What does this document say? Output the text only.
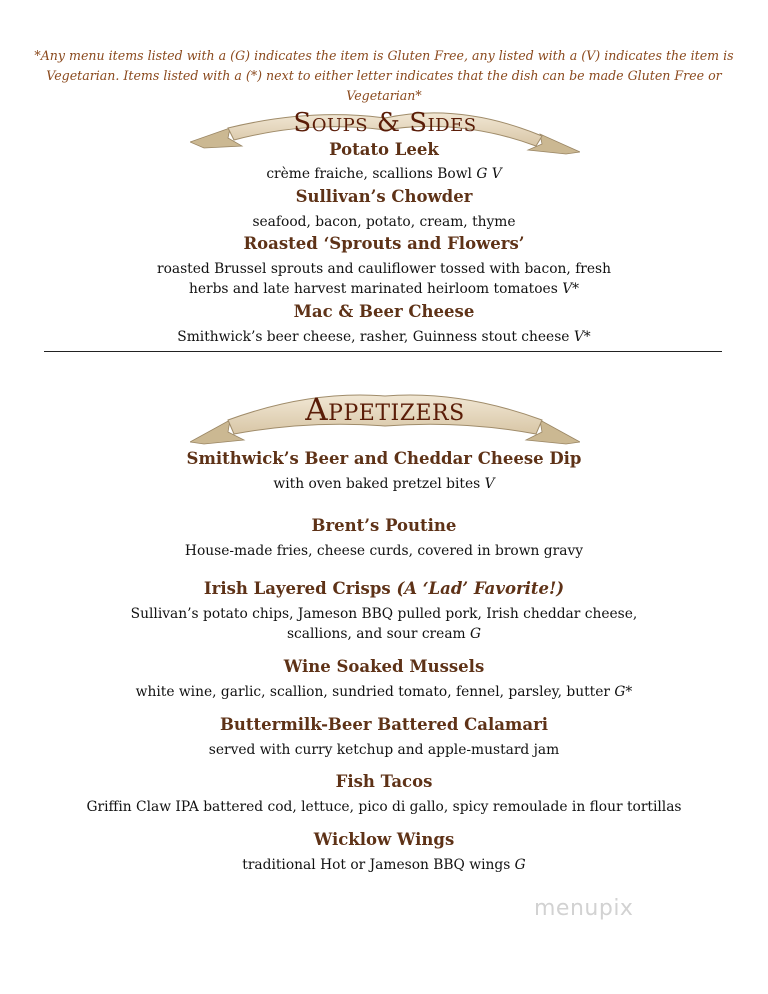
*Any menu items listed with a (G) indicates the item is Gluten Free, any listed with a (V) indicates the item is Vegetarian. Items listed with a (*) next to either letter indicates that the dish can be made Gluten Free or Vegetarian*
Soups & Sides
Potato Leek
crème fraiche, scallions Bowl G V
Sullivan’s Chowder
seafood, bacon, potato, cream, thyme
Roasted ‘Sprouts and Flowers’
roasted Brussel sprouts and cauliflower tossed with bacon, fresh herbs and late harvest marinated heirloom tomatoes V*
Mac & Beer Cheese
Smithwick’s beer cheese, rasher, Guinness stout cheese V*
Appetizers
Smithwick’s Beer and Cheddar Cheese Dip
with oven baked pretzel bites V
Brent’s Poutine
House-made fries, cheese curds, covered in brown gravy
Irish Layered Crisps (A ‘Lad’ Favorite!)
Sullivan’s potato chips, Jameson BBQ pulled pork, Irish cheddar cheese, scallions, and sour cream G
Wine Soaked Mussels
white wine, garlic, scallion, sundried tomato, fennel, parsley, butter G*
Buttermilk-Beer Battered Calamari
served with curry ketchup and apple-mustard jam
Fish Tacos
Griffin Claw IPA battered cod, lettuce, pico di gallo, spicy remoulade in flour tortillas
Wicklow Wings
traditional Hot or Jameson BBQ wings G
menupix
